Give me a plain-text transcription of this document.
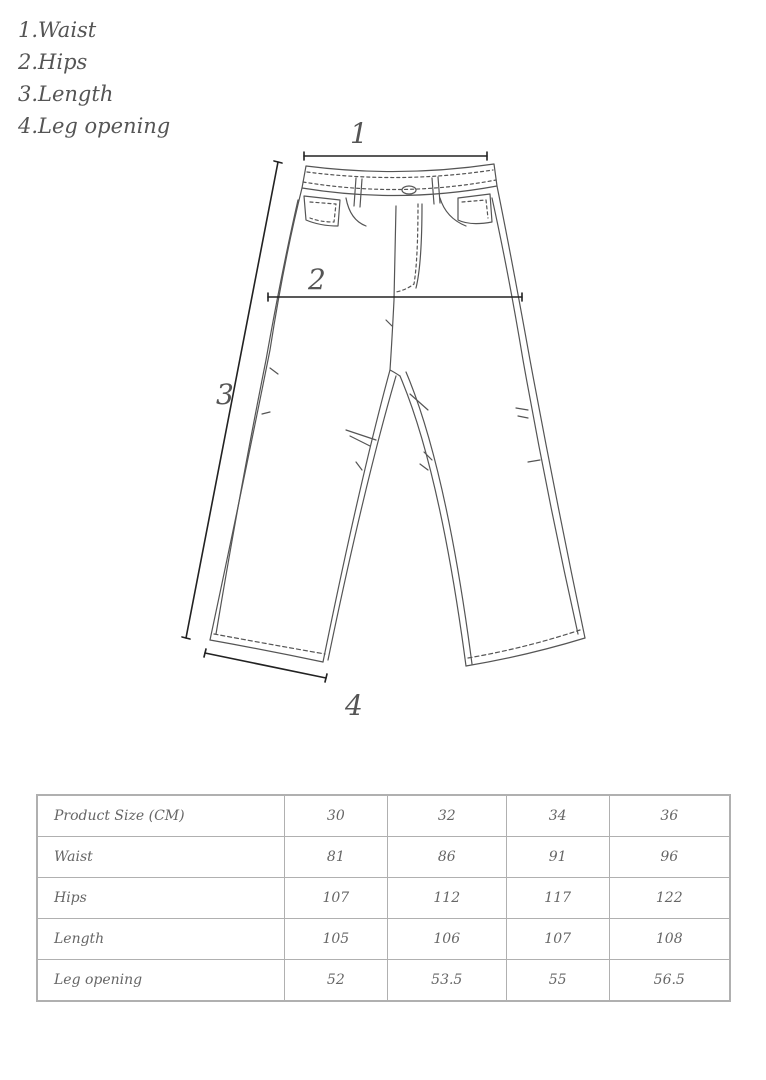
1.Waist
2.Hips
3.Length
4.Leg opening	1
2
3
4
Product Size (CM)	30	32	34	36
Waist	81	86	91	96
Hips	107	112	117	122
Length	105	106	107	108
Leg opening	52	53.5	55	56.5
